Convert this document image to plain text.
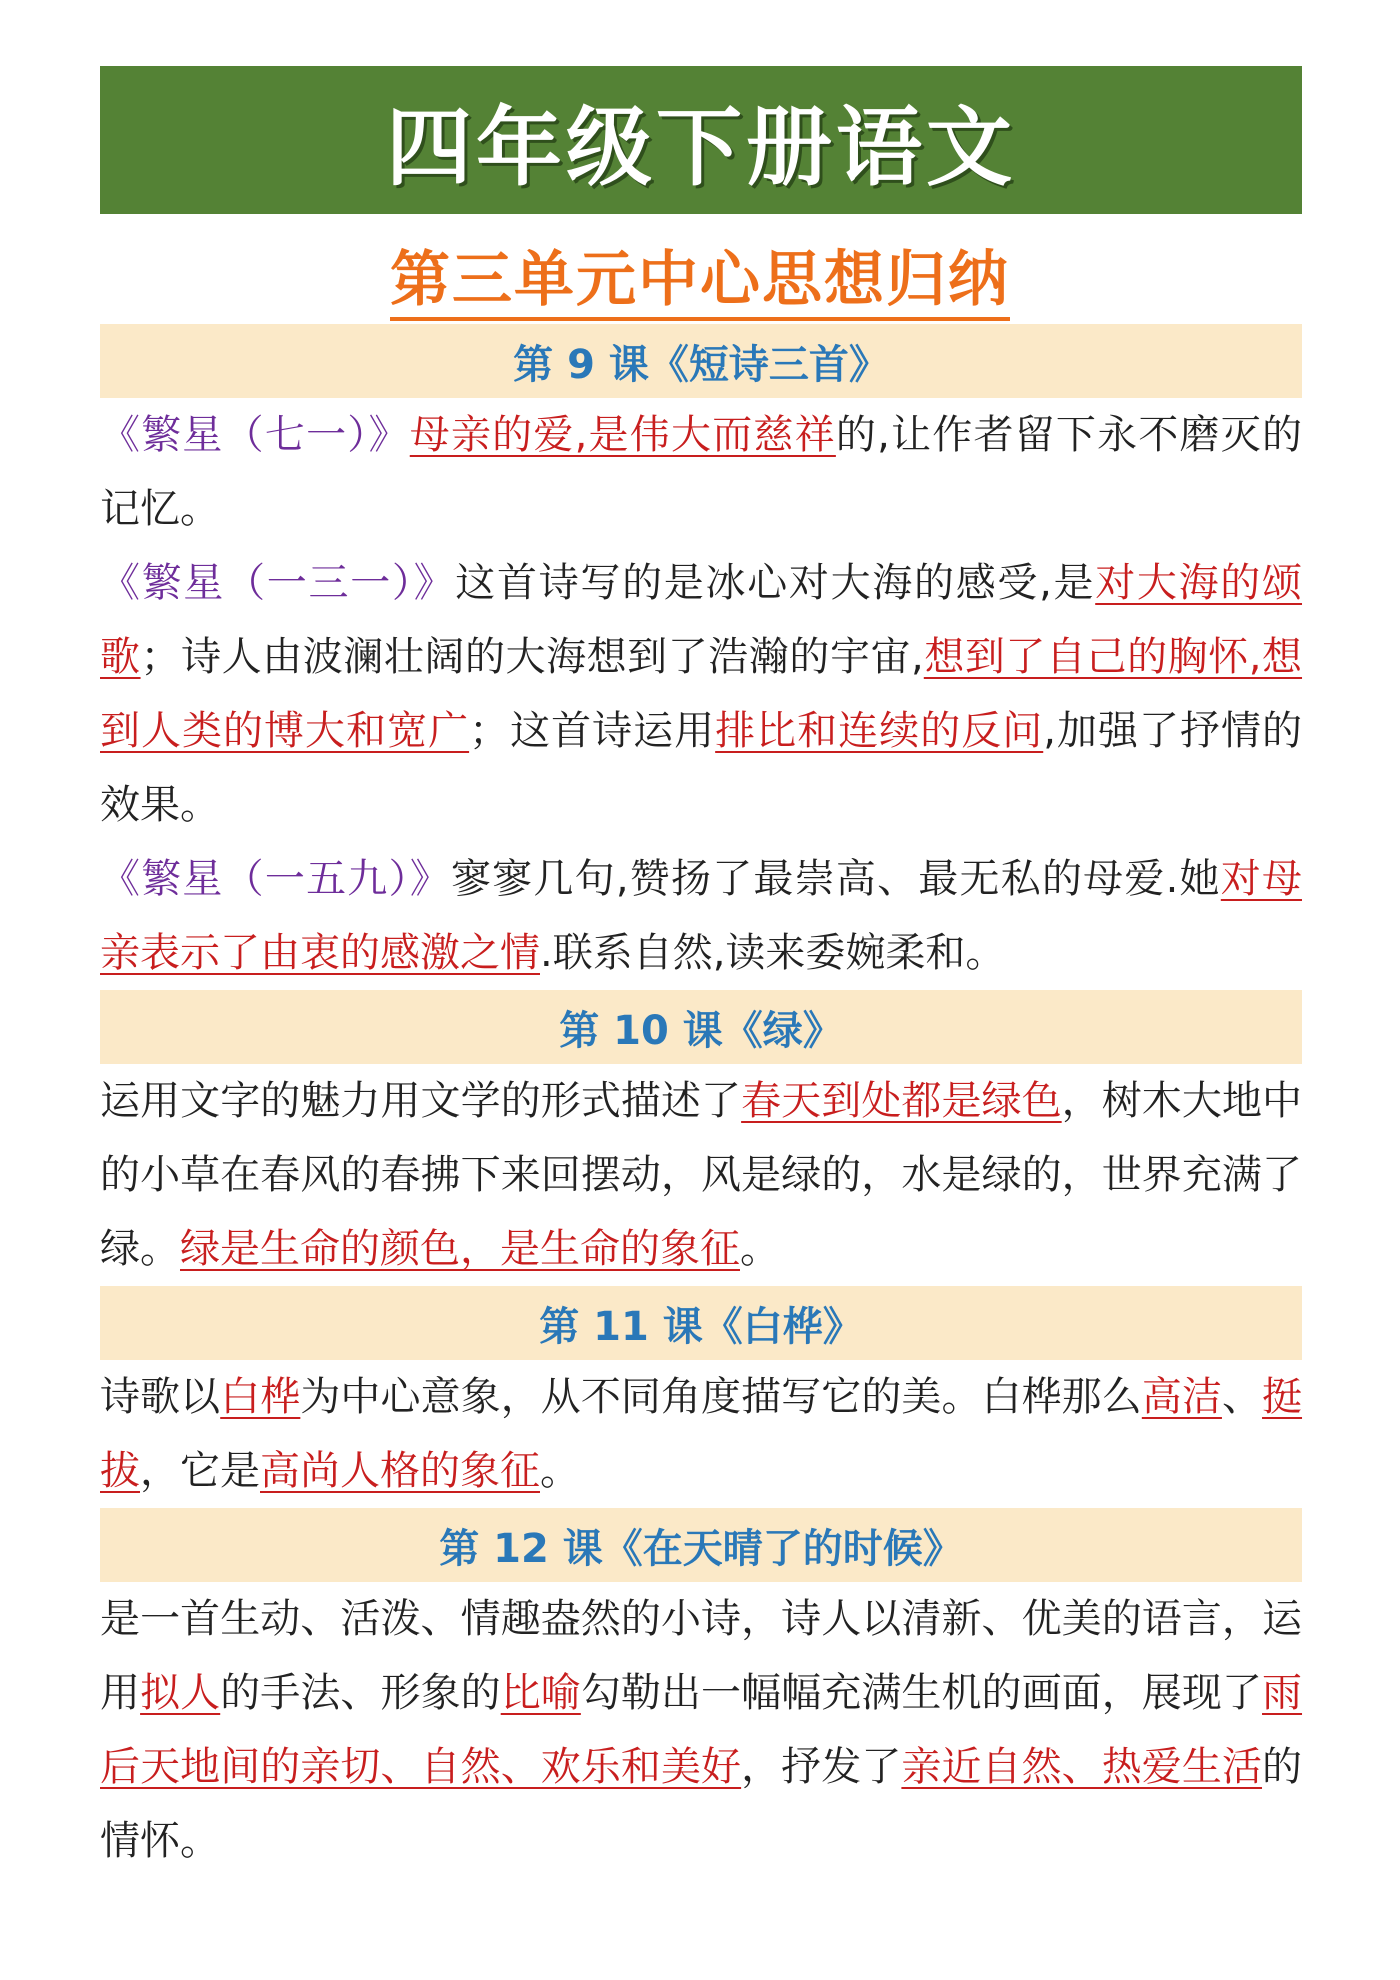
四年级下册语文
第三单元中心思想归纳
第 9 课《短诗三首》

《繁星（七一）》母亲的爱,是伟大而慈祥的,让作者留下永不磨灭的记忆。

《繁星（一三一）》这首诗写的是冰心对大海的感受,是对大海的颂歌；诗人由波澜壮阔的大海想到了浩瀚的宇宙,想到了自己的胸怀,想到人类的博大和宽广；这首诗运用排比和连续的反问,加强了抒情的效果。

《繁星（一五九）》寥寥几句,赞扬了最崇高、最无私的母爱.她对母亲表示了由衷的感激之情.联系自然,读来委婉柔和。

第 10 课《绿》

运用文字的魅力用文学的形式描述了春天到处都是绿色，树木大地中的小草在春风的春拂下来回摆动，风是绿的，水是绿的，世界充满了绿。绿是生命的颜色，是生命的象征。

第 11 课《白桦》

诗歌以白桦为中心意象，从不同角度描写它的美。白桦那么高洁、挺拔，它是高尚人格的象征。

第 12 课《在天晴了的时候》

是一首生动、活泼、情趣盎然的小诗，诗人以清新、优美的语言，运用拟人的手法、形象的比喻勾勒出一幅幅充满生机的画面，展现了雨后天地间的亲切、自然、欢乐和美好，抒发了亲近自然、热爱生活的情怀。
